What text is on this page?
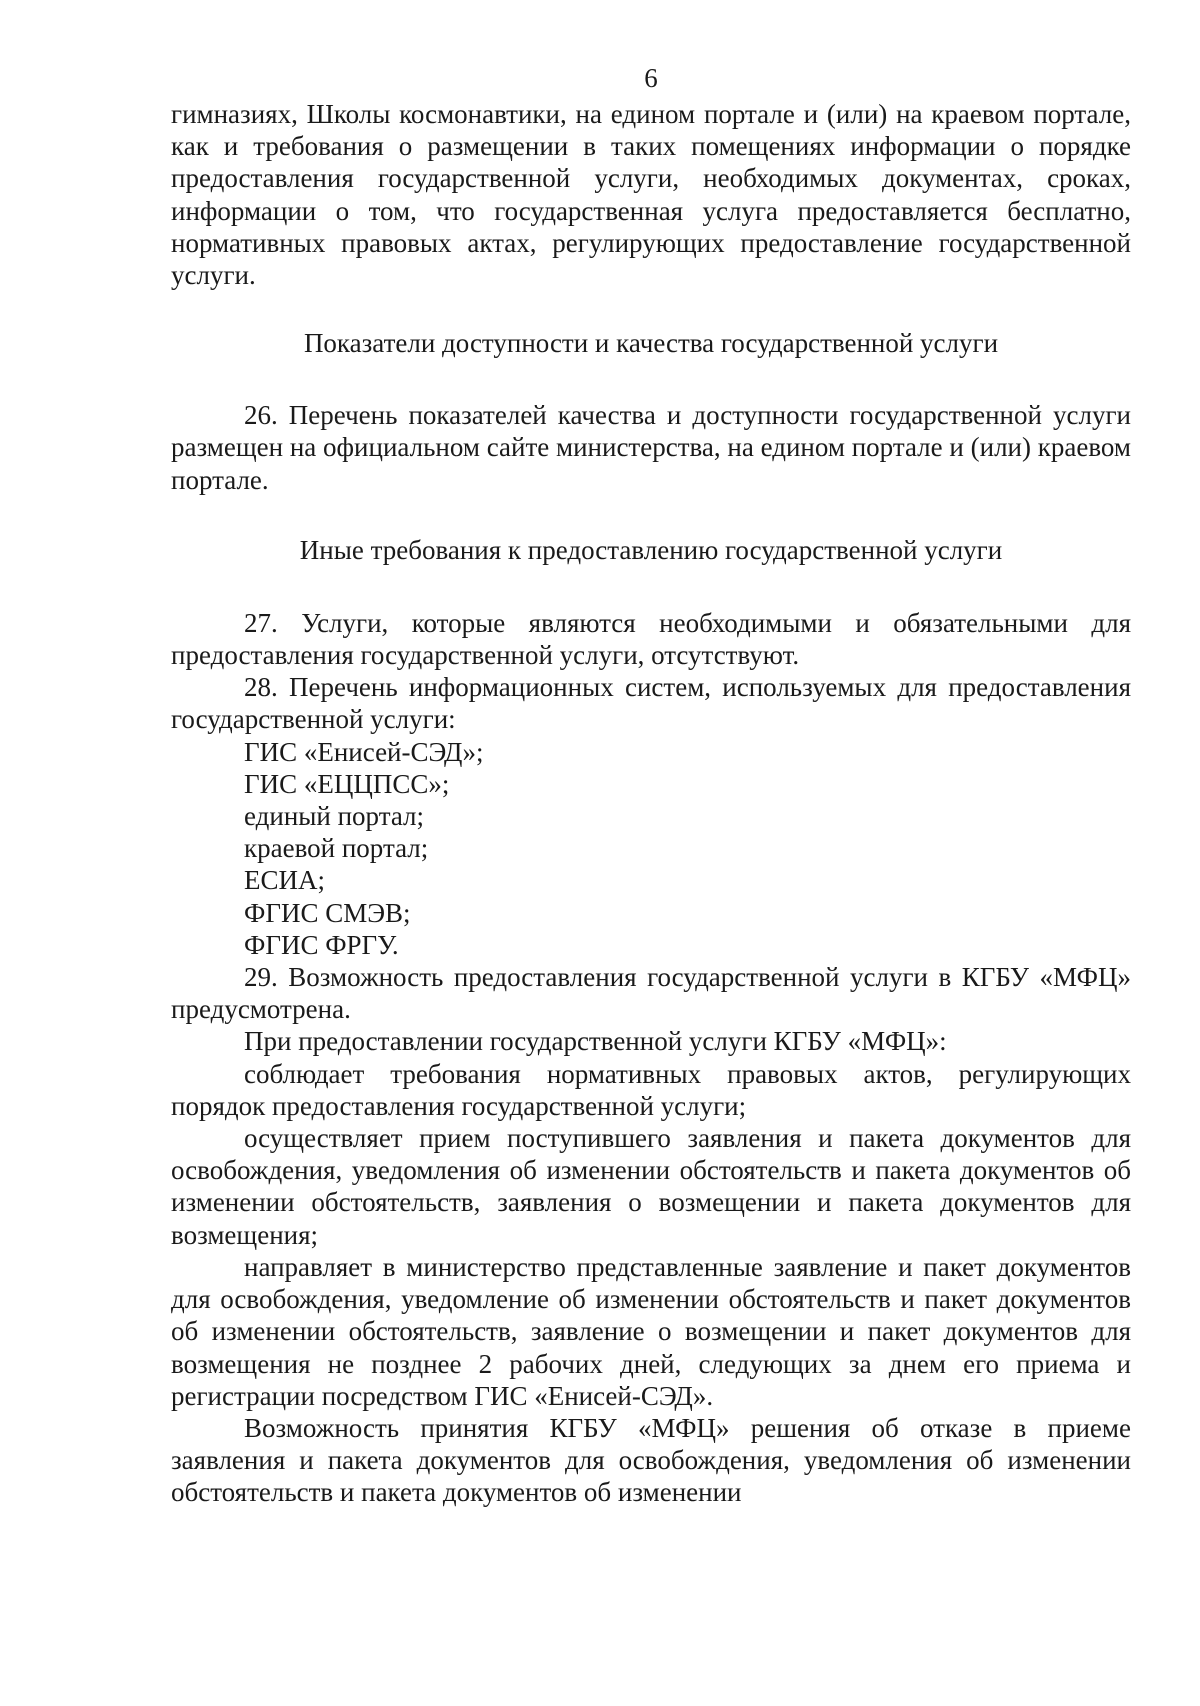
6

гимназиях, Школы космонавтики, на едином портале и (или) на краевом портале, как и требования о размещении в таких помещениях информации о порядке предоставления государственной услуги, необходимых документах, сроках, информации о том, что государственная услуга предоставляется бесплатно, нормативных правовых актах, регулирующих предоставление государственной услуги.

Показатели доступности и качества государственной услуги

26. Перечень показателей качества и доступности государственной услуги размещен на официальном сайте министерства, на едином портале и (или) краевом портале.

Иные требования к предоставлению государственной услуги

27. Услуги, которые являются необходимыми и обязательными для предоставления государственной услуги, отсутствуют.

28. Перечень информационных систем, используемых для предоставления государственной услуги:

ГИС «Енисей-СЭД»;

ГИС «ЕЦЦПСС»;

единый портал;

краевой портал;

ЕСИА;

ФГИС СМЭВ;

ФГИС ФРГУ.

29. Возможность предоставления государственной услуги в КГБУ «МФЦ» предусмотрена.

При предоставлении государственной услуги КГБУ «МФЦ»:

соблюдает требования нормативных правовых актов, регулирующих порядок предоставления государственной услуги;

осуществляет прием поступившего заявления и пакета документов для освобождения, уведомления об изменении обстоятельств и пакета документов об изменении обстоятельств, заявления о возмещении и пакета документов для возмещения;

направляет в министерство представленные заявление и пакет документов для освобождения, уведомление об изменении обстоятельств и пакет документов об изменении обстоятельств, заявление о возмещении и пакет документов для возмещения не позднее 2 рабочих дней, следующих за днем его приема и регистрации посредством ГИС «Енисей-СЭД».

Возможность принятия КГБУ «МФЦ» решения об отказе в приеме заявления и пакета документов для освобождения, уведомления об изменении обстоятельств и пакета документов об изменении
